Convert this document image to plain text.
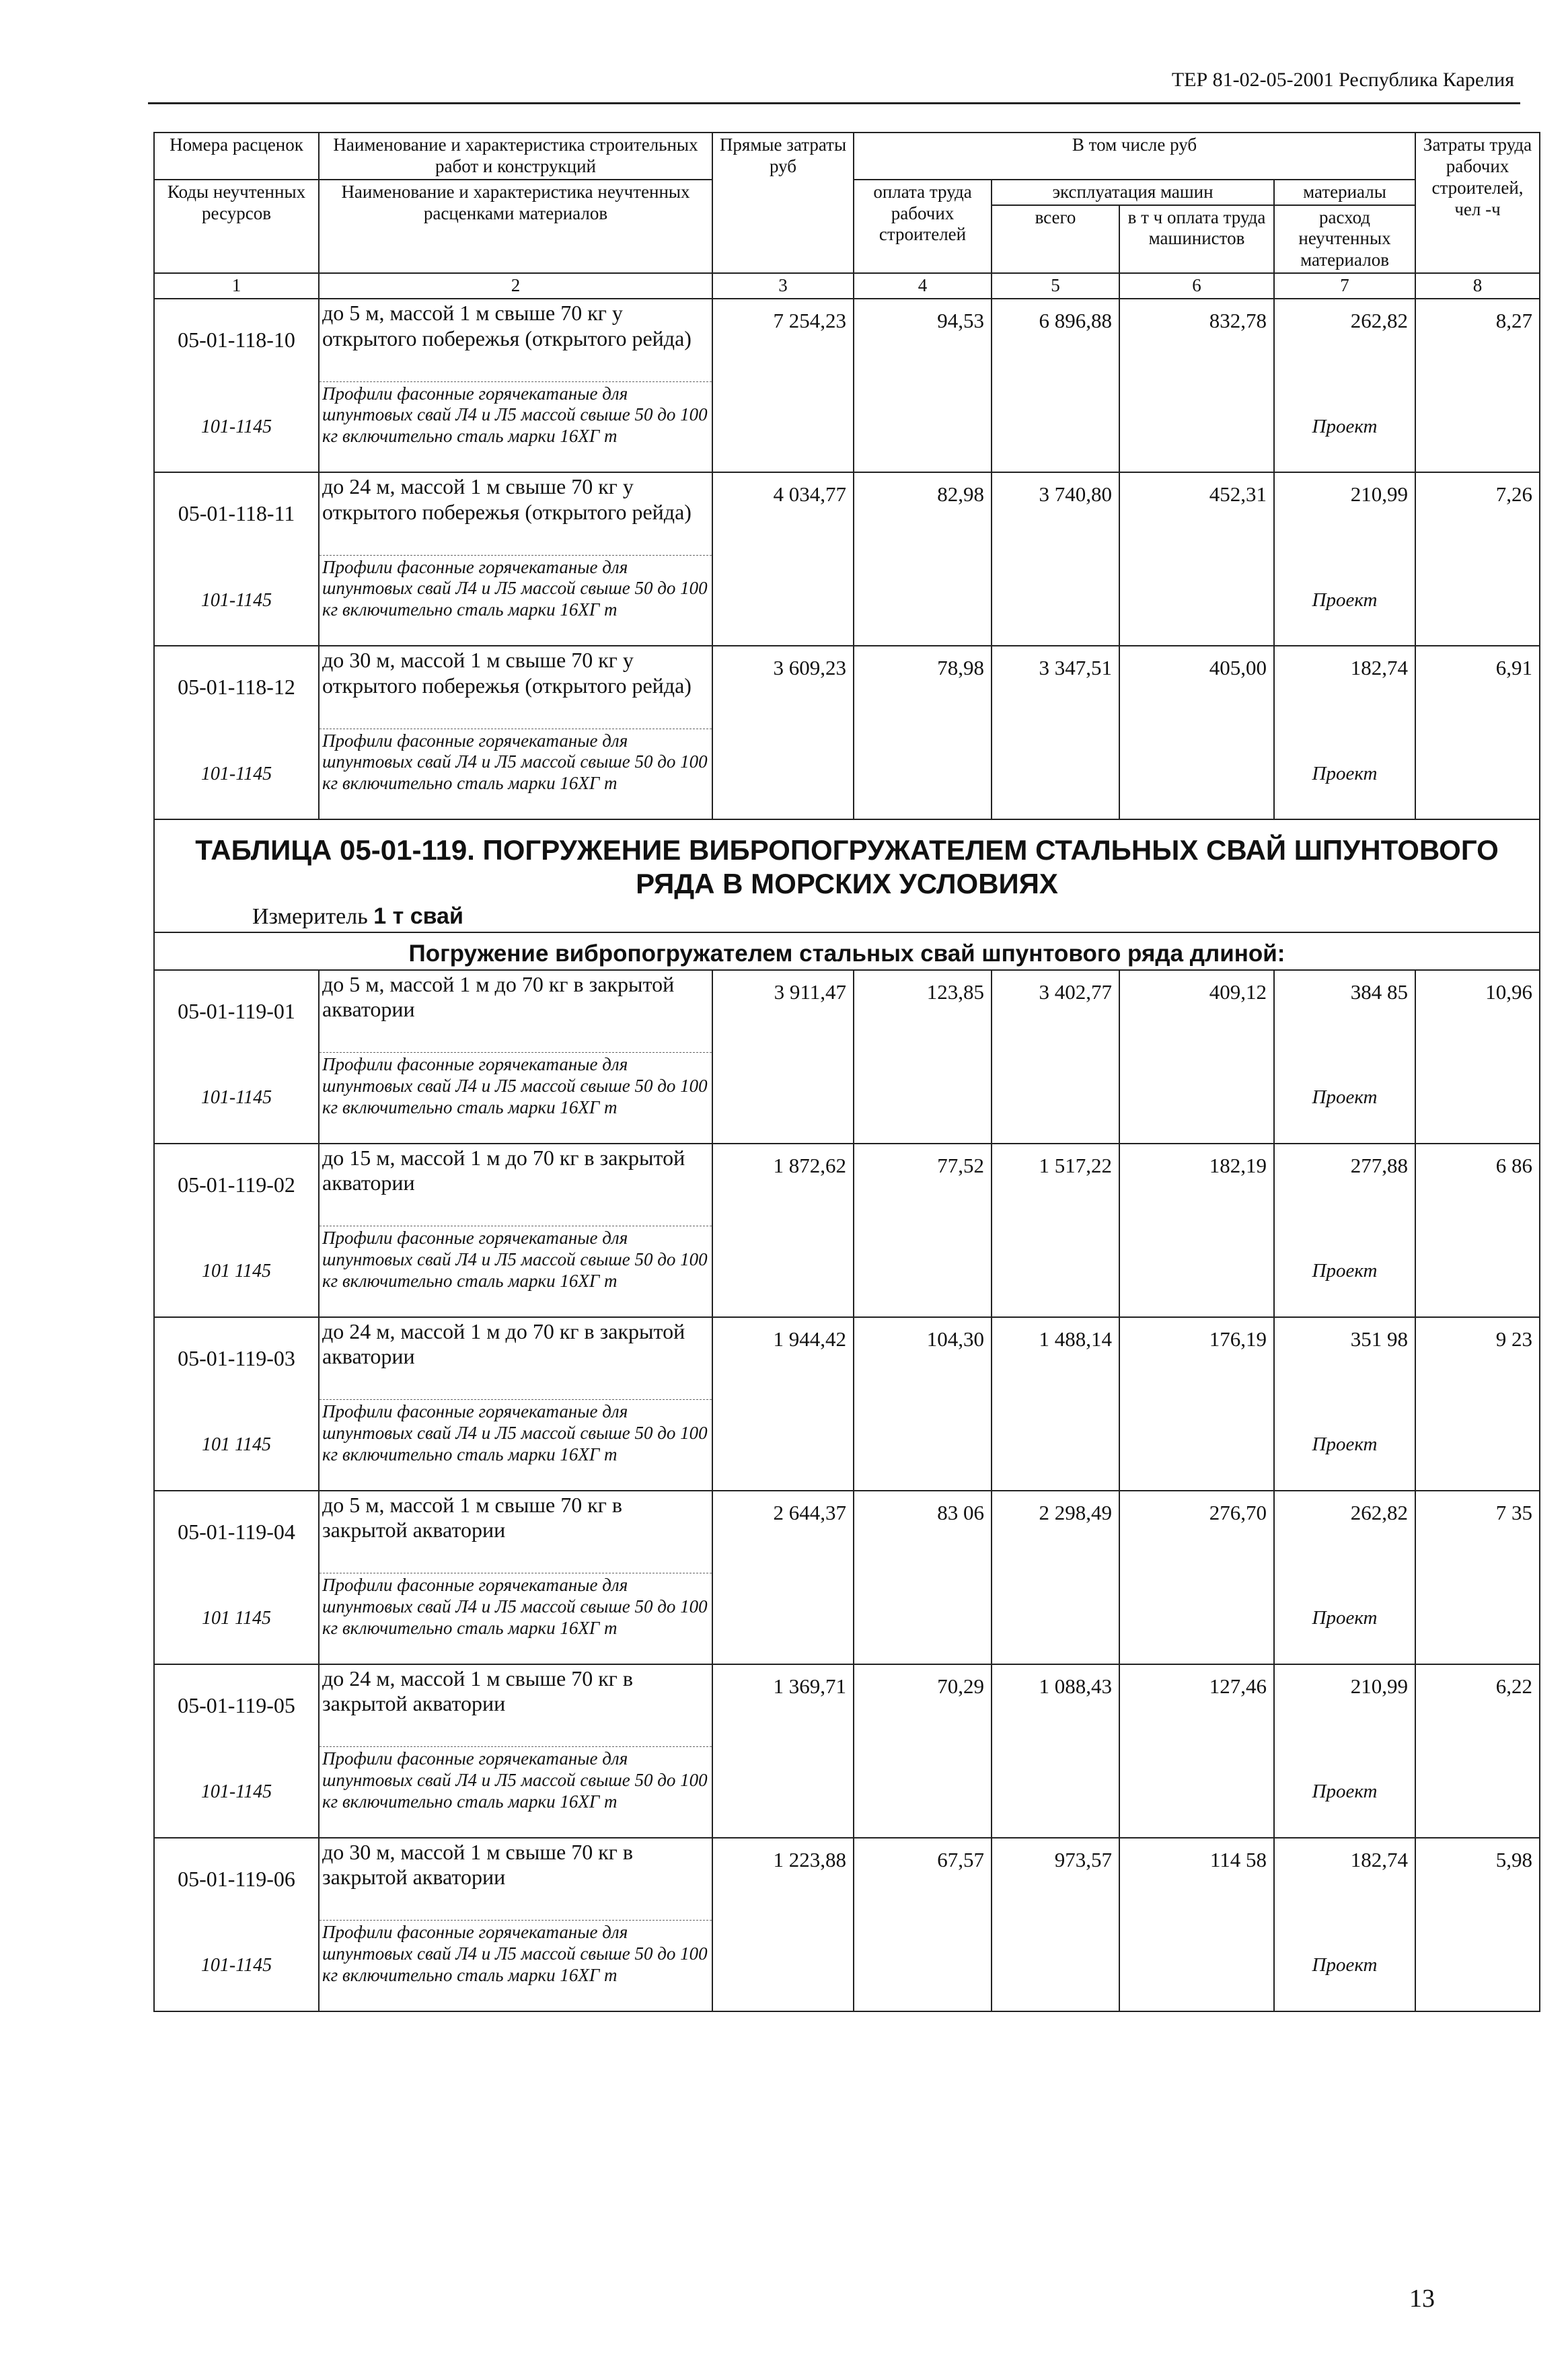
ТЕР 81-02-05-2001 Республика Карелия
Номера расценок	Наименование и характеристика строительных работ и конструкций	Прямые затраты руб	В том числе руб				Затраты труда рабочих строителей, чел -ч
Коды неучтенных ресурсов	Наименование и характеристика неучтенных расценками материалов		оплата труда рабочих строителей	эксплуатация машин		материалы	
				всего	в т ч оплата труда машинистов	расход неучтенных материалов	

1	2	3	4	5	6	7	8
05-01-118-10	до 5 м, массой 1 м свыше 70 кг у открытого побережья (открытого рейда)	7 254,23	94,53	6 896,88	832,78	262,82	8,27
101-1145	Профили фасонные горячекатаные для шпунтовых свай Л4 и Л5 массой свыше 50 до 100 кг включительно сталь марки 16ХГ т					Проект	
05-01-118-11	до 24 м, массой 1 м свыше 70 кг у открытого побережья (открытого рейда)	4 034,77	82,98	3 740,80	452,31	210,99	7,26
101-1145	Профили фасонные горячекатаные для шпунтовых свай Л4 и Л5 массой свыше 50 до 100 кг включительно сталь марки 16ХГ т					Проект	
05-01-118-12	до 30 м, массой 1 м свыше 70 кг у открытого побережья (открытого рейда)	3 609,23	78,98	3 347,51	405,00	182,74	6,91
101-1145	Профили фасонные горячекатаные для шпунтовых свай Л4 и Л5 массой свыше 50 до 100 кг включительно сталь марки 16ХГ т					Проект	

ТАБЛИЦА 05-01-119. ПОГРУЖЕНИЕ ВИБРОПОГРУЖАТЕЛЕМ СТАЛЬНЫХ СВАЙ ШПУНТОВОГО РЯДА В МОРСКИХ УСЛОВИЯХ							
Измеритель 1 т свай							
Погружение вибропогружателем стальных свай шпунтового ряда длиной:							
05-01-119-01	до 5 м, массой 1 м до 70 кг в закрытой акватории	3 911,47	123,85	3 402,77	409,12	384 85	10,96
101-1145	Профили фасонные горячекатаные для шпунтовых свай Л4 и Л5 массой свыше 50 до 100 кг включительно сталь марки 16ХГ т					Проект	
05-01-119-02	до 15 м, массой 1 м до 70 кг в закрытой акватории	1 872,62	77,52	1 517,22	182,19	277,88	6 86
101 1145	Профили фасонные горячекатаные для шпунтовых свай Л4 и Л5 массой свыше 50 до 100 кг включительно сталь марки 16ХГ т					Проект	
05-01-119-03	до 24 м, массой 1 м до 70 кг в закрытой акватории	1 944,42	104,30	1 488,14	176,19	351 98	9 23
101 1145	Профили фасонные горячекатаные для шпунтовых свай Л4 и Л5 массой свыше 50 до 100 кг включительно сталь марки 16ХГ т					Проект	
05-01-119-04	до 5 м, массой 1 м свыше 70 кг в закрытой акватории	2 644,37	83 06	2 298,49	276,70	262,82	7 35
101 1145	Профили фасонные горячекатаные для шпунтовых свай Л4 и Л5 массой свыше 50 до 100 кг включительно сталь марки 16ХГ т					Проект	
05-01-119-05	до 24 м, массой 1 м свыше 70 кг в закрытой акватории	1 369,71	70,29	1 088,43	127,46	210,99	6,22
101-1145	Профили фасонные горячекатаные для шпунтовых свай Л4 и Л5 массой свыше 50 до 100 кг включительно сталь марки 16ХГ т					Проект	
05-01-119-06	до 30 м, массой 1 м свыше 70 кг в закрытой акватории	1 223,88	67,57	973,57	114 58	182,74	5,98
101-1145	Профили фасонные горячекатаные для шпунтовых свай Л4 и Л5 массой свыше 50 до 100 кг включительно сталь марки 16ХГ т					Проект	

13
